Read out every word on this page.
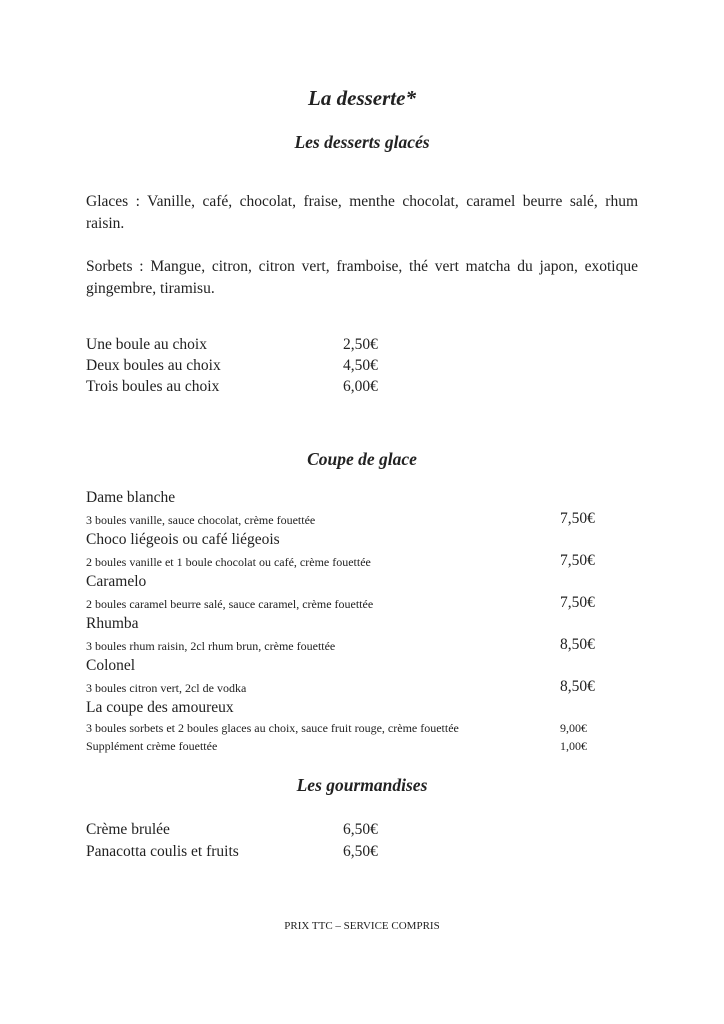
La desserte*
Les desserts glacés
Glaces : Vanille, café, chocolat, fraise, menthe chocolat, caramel beurre salé, rhum raisin.
Sorbets : Mangue, citron, citron vert, framboise, thé vert matcha du japon, exotique gingembre, tiramisu.
Une boule au choix	2,50€
Deux boules au choix	4,50€
Trois boules au choix	6,00€
Coupe de glace
Dame blanche
3 boules vanille, sauce chocolat, crème fouettée	7,50€
Choco liégeois ou café liégeois
2 boules vanille et 1 boule chocolat ou café, crème fouettée	7,50€
Caramelo
2 boules caramel beurre salé, sauce caramel, crème fouettée	7,50€
Rhumba
3 boules rhum raisin, 2cl rhum brun, crème fouettée	8,50€
Colonel
3 boules citron vert, 2cl de vodka	8,50€
La coupe des amoureux
3 boules sorbets et 2 boules glaces au choix, sauce fruit rouge, crème fouettée	9,00€
Supplément crème fouettée	1,00€
Les gourmandises
Crème brulée	6,50€
Panacotta coulis et fruits	6,50€
PRIX TTC – SERVICE COMPRIS
